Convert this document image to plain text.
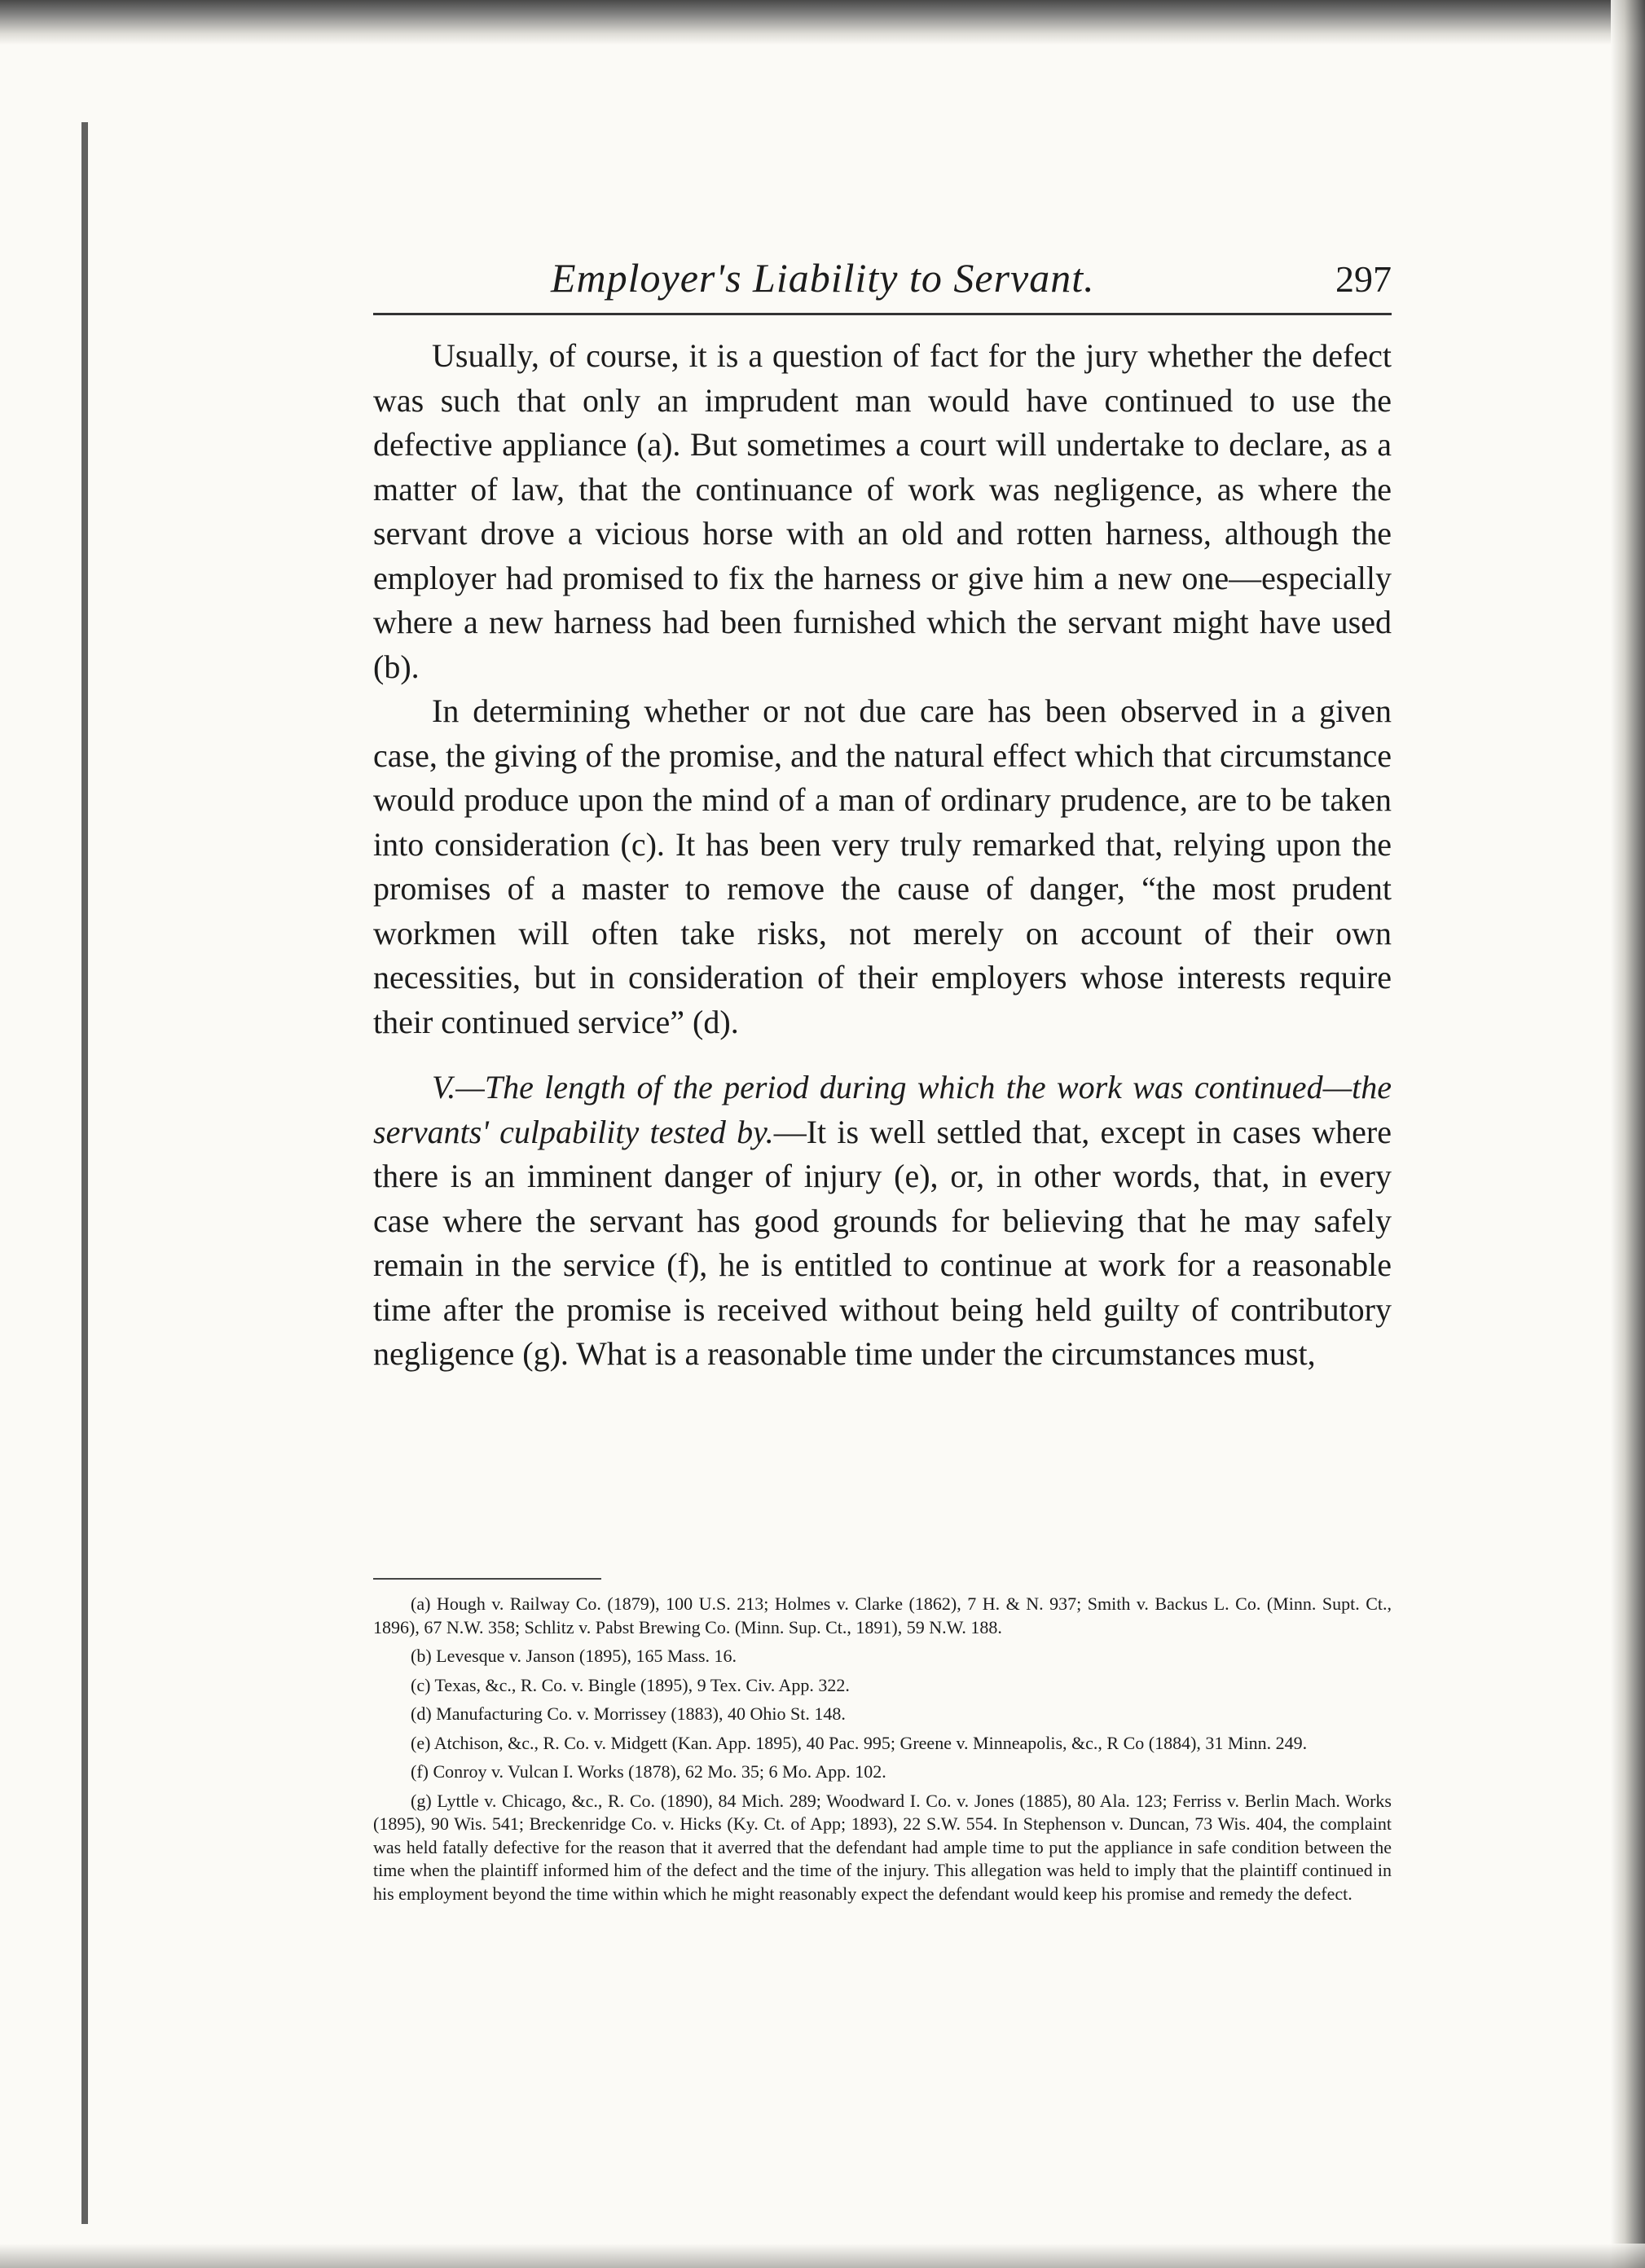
Employer's Liability to Servant.	297

Usually, of course, it is a question of fact for the jury whether the defect was such that only an imprudent man would have continued to use the defective appliance (a). But sometimes a court will undertake to declare, as a matter of law, that the continuance of work was negligence, as where the servant drove a vicious horse with an old and rotten harness, although the employer had promised to fix the harness or give him a new one—especially where a new harness had been furnished which the servant might have used (b).

In determining whether or not due care has been observed in a given case, the giving of the promise, and the natural effect which that circumstance would produce upon the mind of a man of ordinary prudence, are to be taken into consideration (c). It has been very truly remarked that, relying upon the promises of a master to remove the cause of danger, “the most prudent workmen will often take risks, not merely on account of their own necessities, but in consideration of their employers whose interests require their continued service” (d).

V.—The length of the period during which the work was continued—the servants' culpability tested by.—It is well settled that, except in cases where there is an imminent danger of injury (e), or, in other words, that, in every case where the servant has good grounds for believing that he may safely remain in the service (f), he is entitled to continue at work for a reasonable time after the promise is received without being held guilty of contributory negligence (g). What is a reasonable time under the circumstances must,

(a) Hough v. Railway Co. (1879), 100 U.S. 213; Holmes v. Clarke (1862), 7 H. & N. 937; Smith v. Backus L. Co. (Minn. Supt. Ct., 1896), 67 N.W. 358; Schlitz v. Pabst Brewing Co. (Minn. Sup. Ct., 1891), 59 N.W. 188.

(b) Levesque v. Janson (1895), 165 Mass. 16.

(c) Texas, &c., R. Co. v. Bingle (1895), 9 Tex. Civ. App. 322.

(d) Manufacturing Co. v. Morrissey (1883), 40 Ohio St. 148.

(e) Atchison, &c., R. Co. v. Midgett (Kan. App. 1895), 40 Pac. 995; Greene v. Minneapolis, &c., R Co (1884), 31 Minn. 249.

(f) Conroy v. Vulcan I. Works (1878), 62 Mo. 35; 6 Mo. App. 102.

(g) Lyttle v. Chicago, &c., R. Co. (1890), 84 Mich. 289; Woodward I. Co. v. Jones (1885), 80 Ala. 123; Ferriss v. Berlin Mach. Works (1895), 90 Wis. 541; Breckenridge Co. v. Hicks (Ky. Ct. of App; 1893), 22 S.W. 554. In Stephenson v. Duncan, 73 Wis. 404, the complaint was held fatally defective for the reason that it averred that the defendant had ample time to put the appliance in safe condition between the time when the plaintiff informed him of the defect and the time of the injury. This allegation was held to imply that the plaintiff continued in his employment beyond the time within which he might reasonably expect the defendant would keep his promise and remedy the defect.
